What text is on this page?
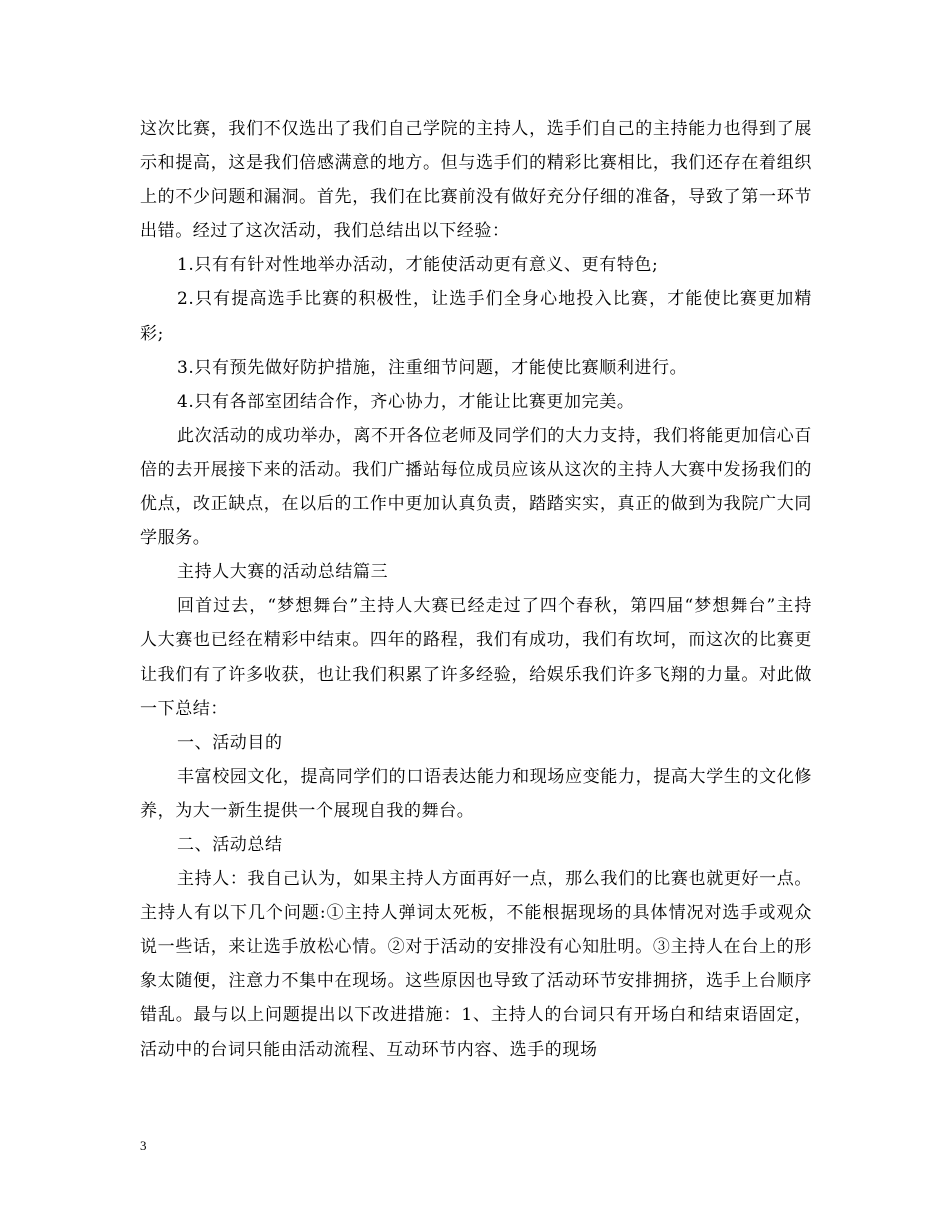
这次比赛，我们不仅选出了我们自己学院的主持人，选手们自己的主持能力也得到了展示和提高，这是我们倍感满意的地方。但与选手们的精彩比赛相比，我们还存在着组织上的不少问题和漏洞。首先，我们在比赛前没有做好充分仔细的准备，导致了第一环节出错。经过了这次活动，我们总结出以下经验：

1.只有有针对性地举办活动，才能使活动更有意义、更有特色;

2.只有提高选手比赛的积极性，让选手们全身心地投入比赛，才能使比赛更加精彩;

3.只有预先做好防护措施，注重细节问题，才能使比赛顺利进行。

4.只有各部室团结合作，齐心协力，才能让比赛更加完美。

此次活动的成功举办，离不开各位老师及同学们的大力支持，我们将能更加信心百倍的去开展接下来的活动。我们广播站每位成员应该从这次的主持人大赛中发扬我们的优点，改正缺点，在以后的工作中更加认真负责，踏踏实实，真正的做到为我院广大同学服务。

主持人大赛的活动总结篇三

回首过去，“梦想舞台”主持人大赛已经走过了四个春秋，第四届“梦想舞台”主持人大赛也已经在精彩中结束。四年的路程，我们有成功，我们有坎坷，而这次的比赛更让我们有了许多收获，也让我们积累了许多经验，给娱乐我们许多飞翔的力量。对此做一下总结：

一、活动目的

丰富校园文化，提高同学们的口语表达能力和现场应变能力，提高大学生的文化修养，为大一新生提供一个展现自我的舞台。

二、活动总结

主持人：我自己认为，如果主持人方面再好一点，那么我们的比赛也就更好一点。主持人有以下几个问题:①主持人弹词太死板，不能根据现场的具体情况对选手或观众说一些话，来让选手放松心情。②对于活动的安排没有心知肚明。③主持人在台上的形象太随便，注意力不集中在现场。这些原因也导致了活动环节安排拥挤，选手上台顺序错乱。最与以上问题提出以下改进措施：1、主持人的台词只有开场白和结束语固定，活动中的台词只能由活动流程、互动环节内容、选手的现场

3
